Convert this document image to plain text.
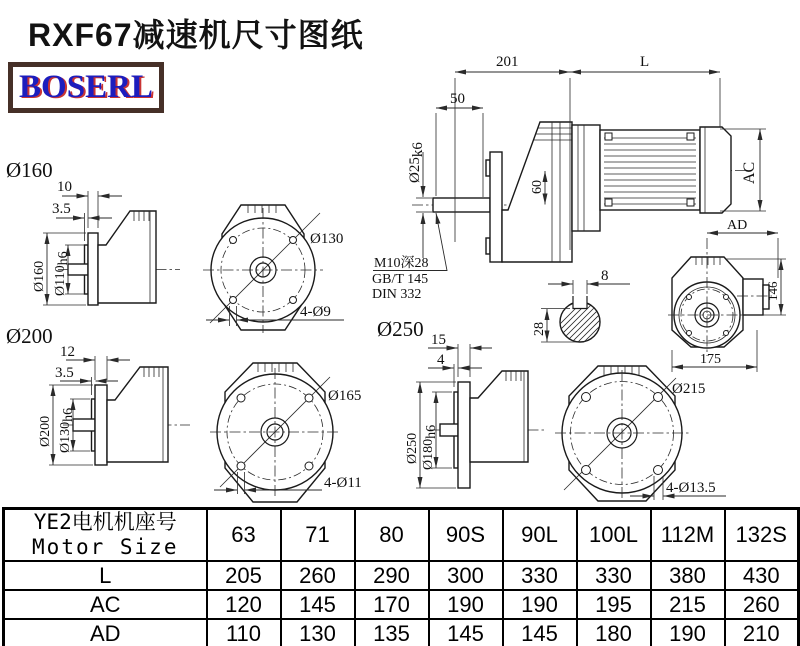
RXF67减速机尺寸图纸
BOSERL
201	L
50
Ø25k6
60
AC
M10深28
GB/T 145
DIN 332
8
28
Ø160
10
3.5
Ø160 Ø110h6
Ø130
4-Ø9
Ø200
12
3.5
Ø200 Ø130h6
Ø165
4-Ø11
Ø250 15
4
Ø250 Ø180h6
Ø215
4-Ø13.5
AD
146
175
YE2电机机座号
Motor Size	63	71	80	90S	90L	100L	112M	132S
L	205	260	290	300	330	330	380	430
AC	120	145	170	190	190	195	215	260
AD	110	130	135	145	145	180	190	210
